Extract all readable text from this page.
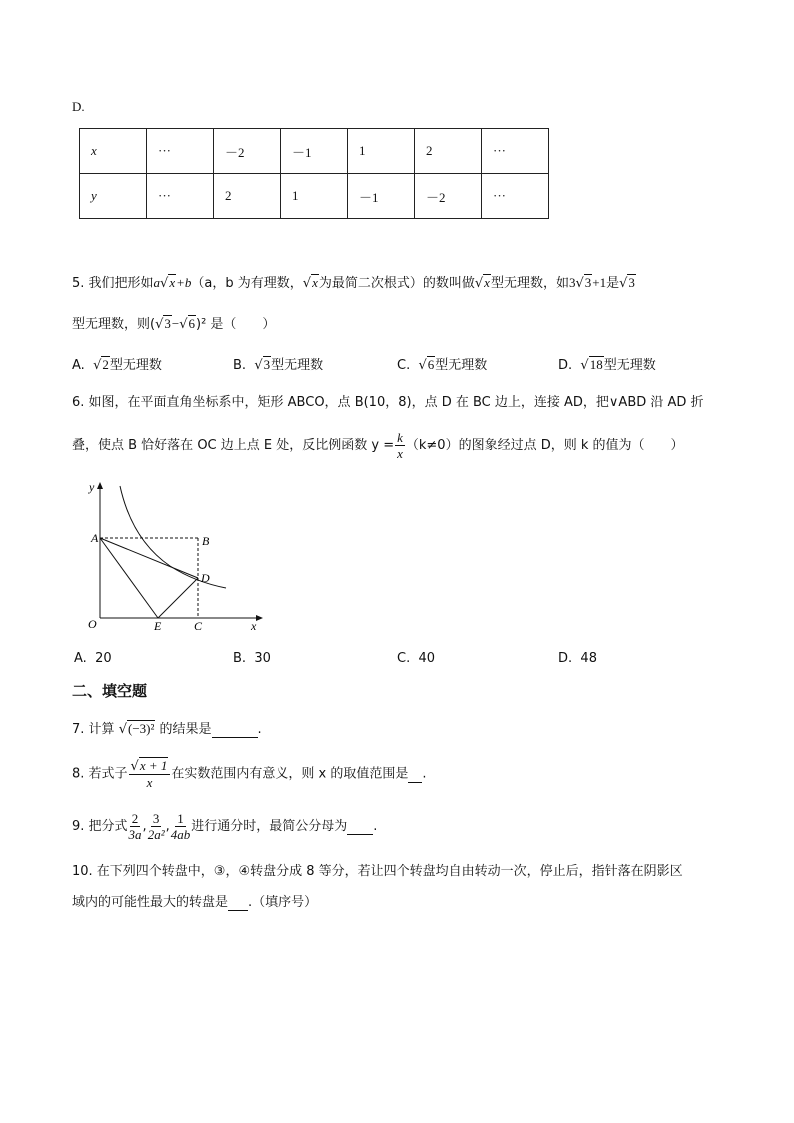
D.
x	···	－2	－1	1	2	···
y	···	2	1	－1	－2	···
5. 我们把形如a√x+b（a，b 为有理数，√x为最简二次根式）的数叫做√x型无理数，如3√3+1是√3
型无理数，则(√3−√6)² 是（　　）
A. √2型无理数	B. √3型无理数	C. √6型无理数	D. √18型无理数
6. 如图，在平面直角坐标系中，矩形 ABCO，点 B(10，8)，点 D 在 BC 边上，连接 AD，把∨ABD 沿 AD 折
叠，使点 B 恰好落在 OC 边上点 E 处，反比例函数 $y = \frac{k}{x} (k\ne 0)$的图象经过点 D，则 k 的值为（　　）
y
x
A	B
D
O	E	C
A. 20	B. 30	C. 40	D. 48
二、填空题
7. 计算 √(−3)² 的结果是	.
8. 若式子 $\frac{√x + 1}{x}$ 在实数范围内有意义，则 x 的取值范围是 .
9. 把分式 $\frac{2}{3a}$ , $\frac{3}{\text{2a²}}$ , $\frac{1}{4ab}$ 进行通分时，最简公分母为 .
10. 在下列四个转盘中，③，④转盘分成 8 等分，若让四个转盘均自由转动一次，停止后，指针落在阴影区
域内的可能性最大的转盘是 .（填序号）
